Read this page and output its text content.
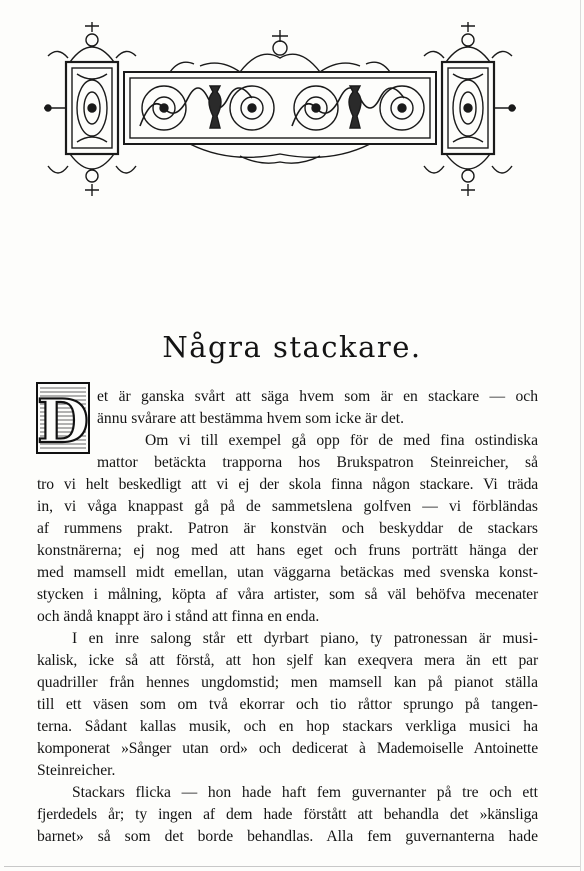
Några stackare.
D et är ganska svårt att säga hvem som är en stackare — och
ännu svårare att bestämma hvem som icke är det.
Om vi till exempel gå opp för de med fina ostindiska
mattor betäckta trapporna hos Brukspatron Steinreicher, så
tro vi helt beskedligt att vi ej der skola finna någon stackare. Vi träda
in, vi våga knappast gå på de sammetslena golfven — vi förbländas
af rummens prakt. Patron är konstvän och beskyddar de stackars
konstnärerna; ej nog med att hans eget och fruns porträtt hänga der
med mamsell midt emellan, utan väggarna betäckas med svenska konst-
stycken i målning, köpta af våra artister, som så väl behöfva mecenater
och ändå knappt äro i stånd att finna en enda.
I en inre salong står ett dyrbart piano, ty patronessan är musi-
kalisk, icke så att förstå, att hon sjelf kan exeqvera mera än ett par
quadriller från hennes ungdomstid; men mamsell kan på pianot ställa
till ett väsen som om två ekorrar och tio råttor sprungo på tangen-
terna. Sådant kallas musik, och en hop stackars verkliga musici ha
komponerat »Sånger utan ord» och dedicerat à Mademoiselle Antoinette
Steinreicher.
Stackars flicka — hon hade haft fem guvernanter på tre och ett
fjerdedels år; ty ingen af dem hade förstått att behandla det »känsliga
barnet» så som det borde behandlas. Alla fem guvernanterna hade
